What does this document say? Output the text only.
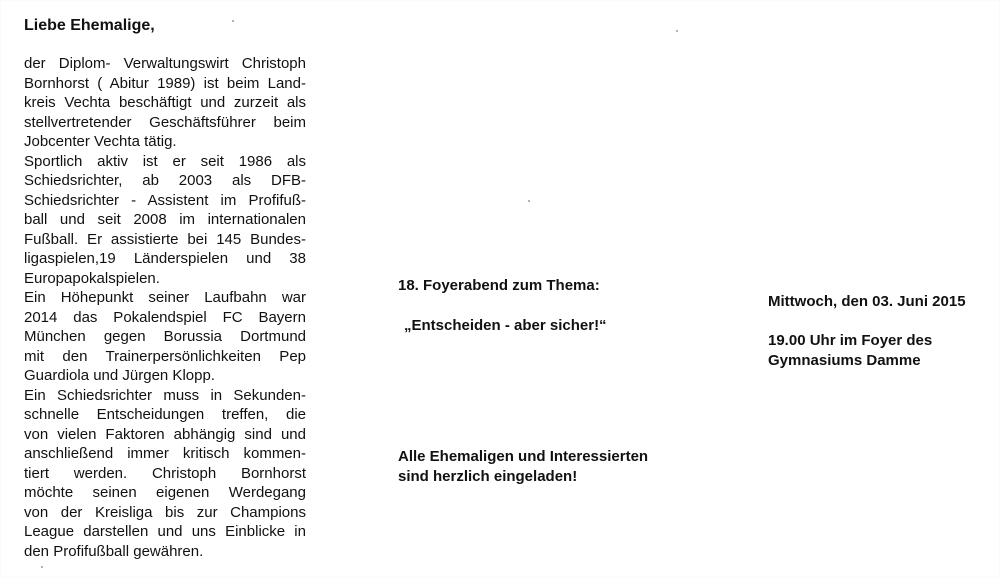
Liebe Ehemalige,
der Diplom- Verwaltungswirt Christoph
Bornhorst ( Abitur 1989) ist beim Land-
kreis Vechta beschäftigt und zurzeit als
stellvertretender Geschäftsführer beim
Jobcenter Vechta tätig.
Sportlich aktiv ist er seit 1986 als
Schiedsrichter, ab 2003 als DFB-
Schiedsrichter - Assistent im Profifuß-
ball und seit 2008 im internationalen
Fußball. Er assistierte bei 145 Bundes-
ligaspielen,19 Länderspielen und 38
Europapokalspielen.
Ein Höhepunkt seiner Laufbahn war
2014 das Pokalendspiel FC Bayern
München gegen Borussia Dortmund
mit den Trainerpersönlichkeiten Pep
Guardiola und Jürgen Klopp.
Ein Schiedsrichter muss in Sekunden-
schnelle Entscheidungen treffen, die
von vielen Faktoren abhängig sind und
anschließend immer kritisch kommen-
tiert werden. Christoph Bornhorst
möchte seinen eigenen Werdegang
von der Kreisliga bis zur Champions
League darstellen und uns Einblicke in
den Profifußball gewähren.
18. Foyerabend zum Thema:
„Entscheiden - aber sicher!“
Mittwoch, den 03. Juni 2015
19.00 Uhr im Foyer des
Gymnasiums Damme
Alle Ehemaligen und Interessierten
sind herzlich eingeladen!
